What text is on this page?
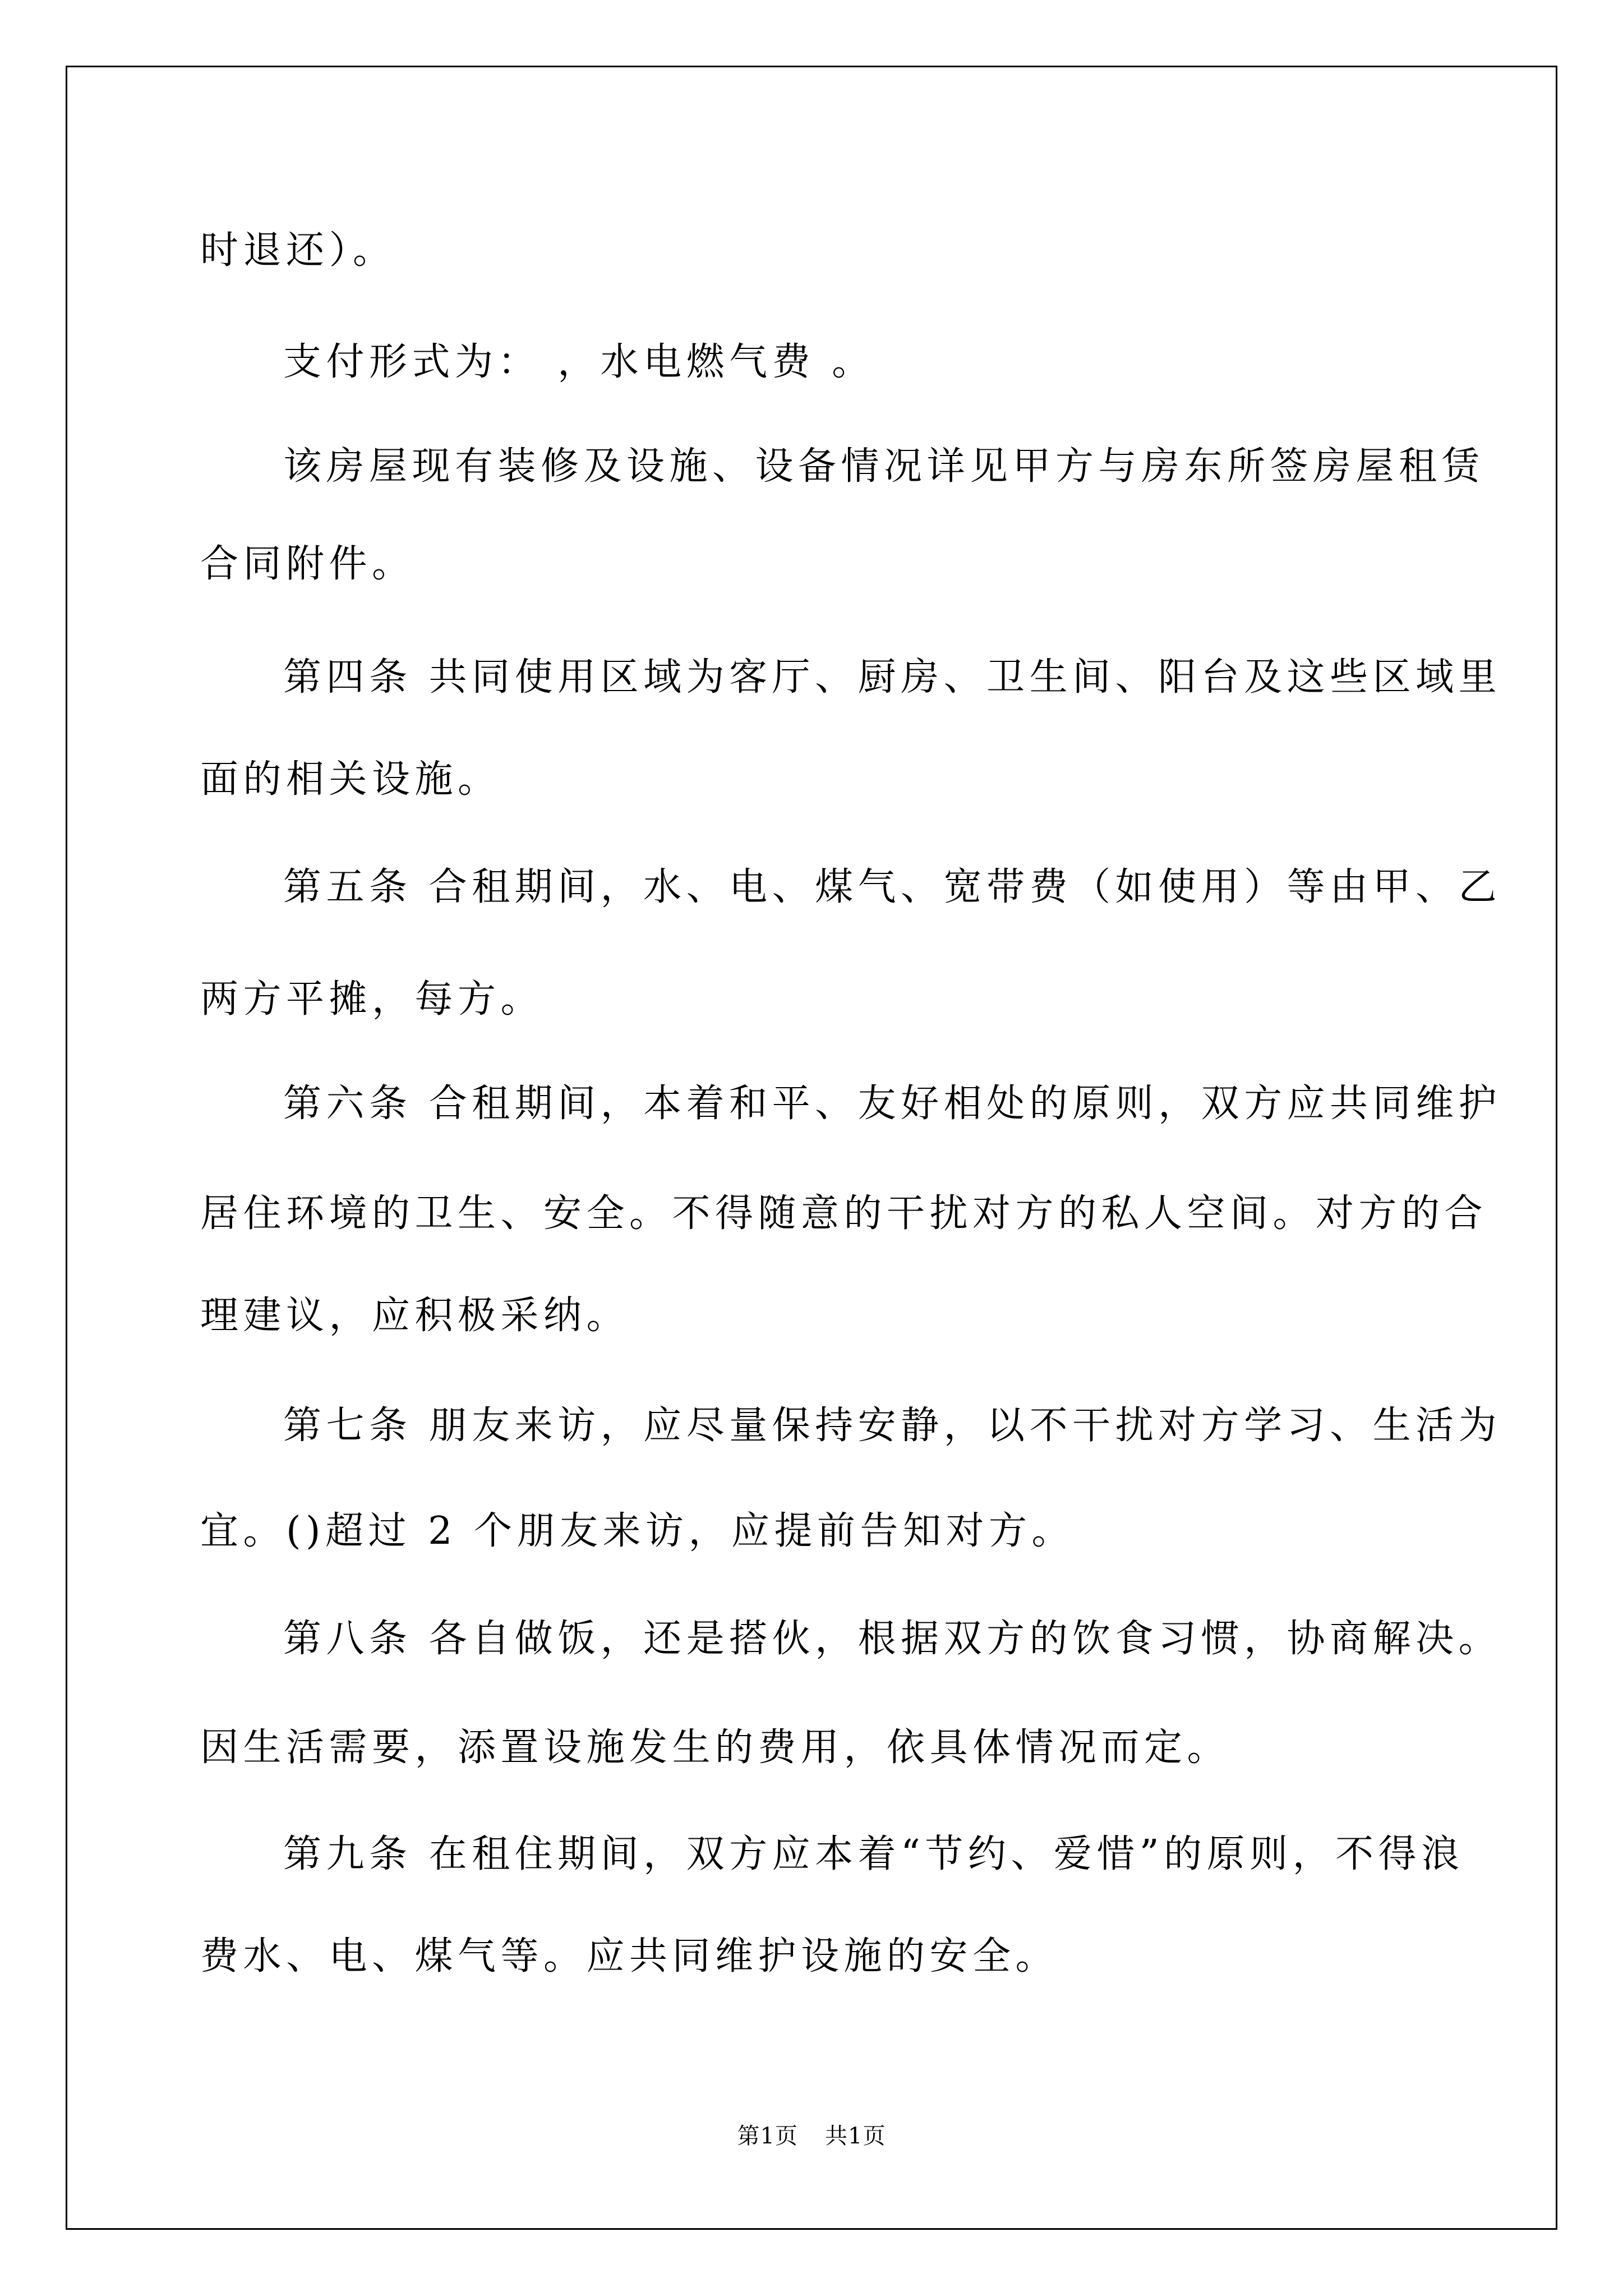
时退还）。
支付形式为： ，水电燃气费 。
该房屋现有装修及设施、设备情况详见甲方与房东所签房屋租赁
合同附件。
第四条 共同使用区域为客厅、厨房、卫生间、阳台及这些区域里
面的相关设施。
第五条 合租期间，水、电、煤气、宽带费（如使用）等由甲、乙
两方平摊，每方。
第六条 合租期间，本着和平、友好相处的原则，双方应共同维护
居住环境的卫生、安全。不得随意的干扰对方的私人空间。对方的合
理建议，应积极采纳。
第七条 朋友来访，应尽量保持安静，以不干扰对方学习、生活为
宜。()超过 2 个朋友来访，应提前告知对方。
第八条 各自做饭，还是搭伙，根据双方的饮食习惯，协商解决。
因生活需要，添置设施发生的费用，依具体情况而定。
第九条 在租住期间，双方应本着“节约、爱惜”的原则，不得浪
费水、电、煤气等。应共同维护设施的安全。
第1页 共1页
